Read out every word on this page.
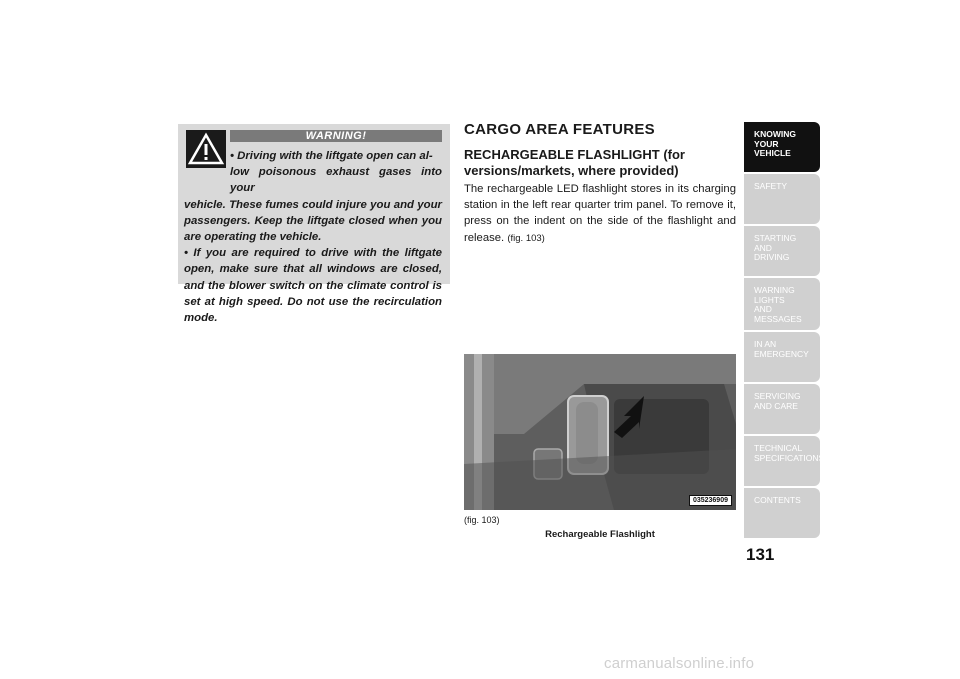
WARNING!
• Driving with the liftgate open can al-
low poisonous exhaust gases into your

vehicle. These fumes could injure you and your passengers. Keep the liftgate closed when you are operating the vehicle.

• If you are required to drive with the liftgate open, make sure that all windows are closed, and the blower switch on the climate control is set at high speed. Do not use the recirculation mode.

CARGO AREA FEATURES
RECHARGEABLE FLASHLIGHT (for versions/markets, where provided)
The rechargeable LED flashlight stores in its charging station in the left rear quarter trim panel. To remove it, press on the indent on the side of the flashlight and release. (fig. 103)
035236909
(fig. 103)
Rechargeable Flashlight
KNOWING
YOUR
VEHICLE
SAFETY
STARTING
AND
DRIVING
WARNING
LIGHTS
AND
MESSAGES
IN AN
EMERGENCY
SERVICING
AND CARE
TECHNICAL
SPECIFICATIONS
CONTENTS
131
carmanualsonline.info
